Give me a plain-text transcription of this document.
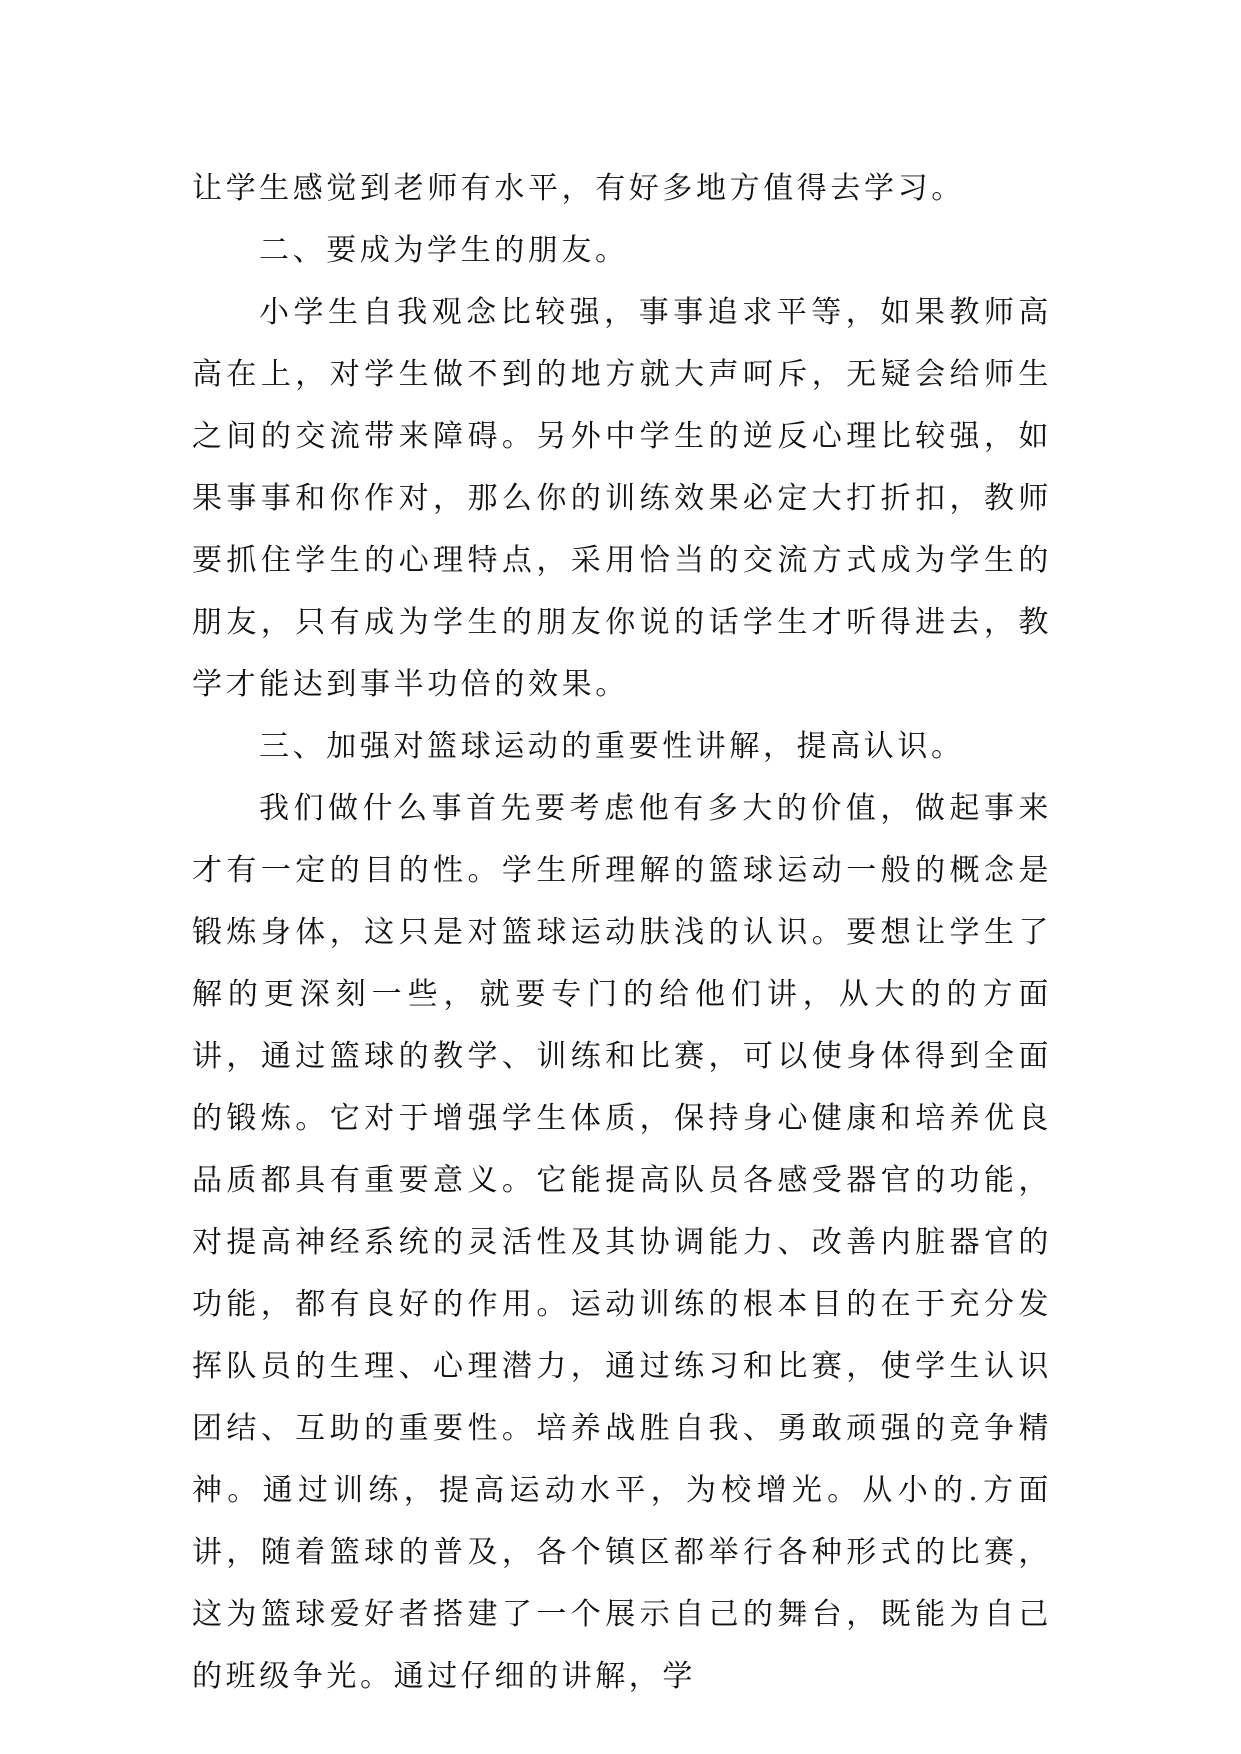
让学生感觉到老师有水平，有好多地方值得去学习。

二、要成为学生的朋友。

小学生自我观念比较强，事事追求平等，如果教师高高在上，对学生做不到的地方就大声呵斥，无疑会给师生之间的交流带来障碍。另外中学生的逆反心理比较强，如果事事和你作对，那么你的训练效果必定大打折扣，教师要抓住学生的心理特点，采用恰当的交流方式成为学生的朋友，只有成为学生的朋友你说的话学生才听得进去，教学才能达到事半功倍的效果。

三、加强对篮球运动的重要性讲解，提高认识。

我们做什么事首先要考虑他有多大的价值，做起事来才有一定的目的性。学生所理解的篮球运动一般的概念是锻炼身体，这只是对篮球运动肤浅的认识。要想让学生了解的更深刻一些，就要专门的给他们讲，从大的的方面讲，通过篮球的教学、训练和比赛，可以使身体得到全面的锻炼。它对于增强学生体质，保持身心健康和培养优良品质都具有重要意义。它能提高队员各感受器官的功能，对提高神经系统的灵活性及其协调能力、改善内脏器官的功能，都有良好的作用。运动训练的根本目的在于充分发挥队员的生理、心理潜力，通过练习和比赛，使学生认识团结、互助的重要性。培养战胜自我、勇敢顽强的竞争精神。通过训练，提高运动水平，为校增光。从小的.方面讲，随着篮球的普及，各个镇区都举行各种形式的比赛，这为篮球爱好者搭建了一个展示自己的舞台，既能为自己的班级争光。通过仔细的讲解，学
